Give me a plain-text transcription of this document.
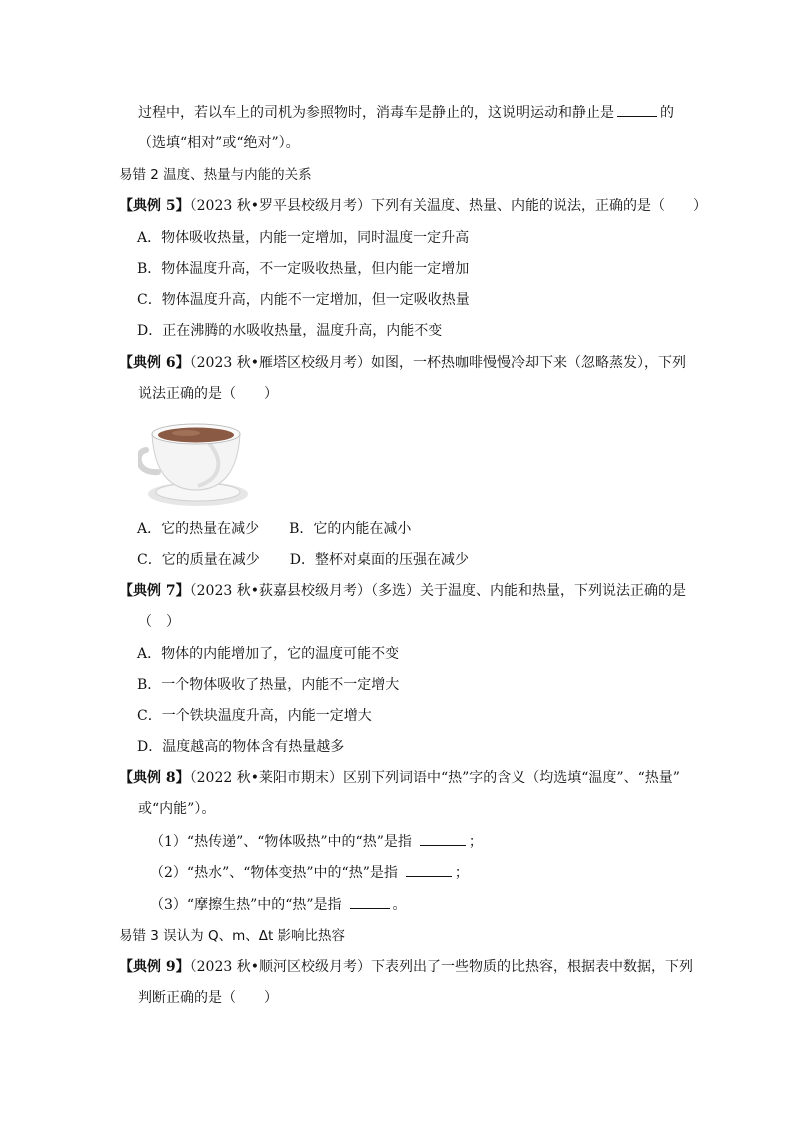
过程中，若以车上的司机为参照物时，消毒车是静止的，这说明运动和静止是	的
（选填“相对”或“绝对”）。
易错 2 温度、热量与内能的关系
【典例 5】（2023 秋•罗平县校级月考）下列有关温度、热量、内能的说法，正确的是（　　）
A．物体吸收热量，内能一定增加，同时温度一定升高
B．物体温度升高，不一定吸收热量，但内能一定增加
C．物体温度升高，内能不一定增加，但一定吸收热量
D．正在沸腾的水吸收热量，温度升高，内能不变
【典例 6】（2023 秋•雁塔区校级月考）如图，一杯热咖啡慢慢冷却下来（忽略蒸发），下列
说法正确的是（　　）
A．它的热量在减少 B．它的内能在减小
C．它的质量在减少 D．整杯对桌面的压强在减少
【典例 7】（2023 秋•荻嘉县校级月考）（多选）关于温度、内能和热量，下列说法正确的是
（　）
A．物体的内能增加了，它的温度可能不变
B．一个物体吸收了热量，内能不一定增大
C．一个铁块温度升高，内能一定增大
D．温度越高的物体含有热量越多
【典例 8】（2022 秋•莱阳市期末）区别下列词语中“热”字的含义（均选填“温度”、“热量”
或“内能”）。
（1）“热传递”、“物体吸热”中的“热”是指	；
（2）“热水”、“物体变热”中的“热”是指	；
（3）“摩擦生热”中的“热”是指	。
易错 3 误认为 Q、m、Δt 影响比热容
【典例 9】（2023 秋•顺河区校级月考）下表列出了一些物质的比热容，根据表中数据，下列
判断正确的是（　　）
